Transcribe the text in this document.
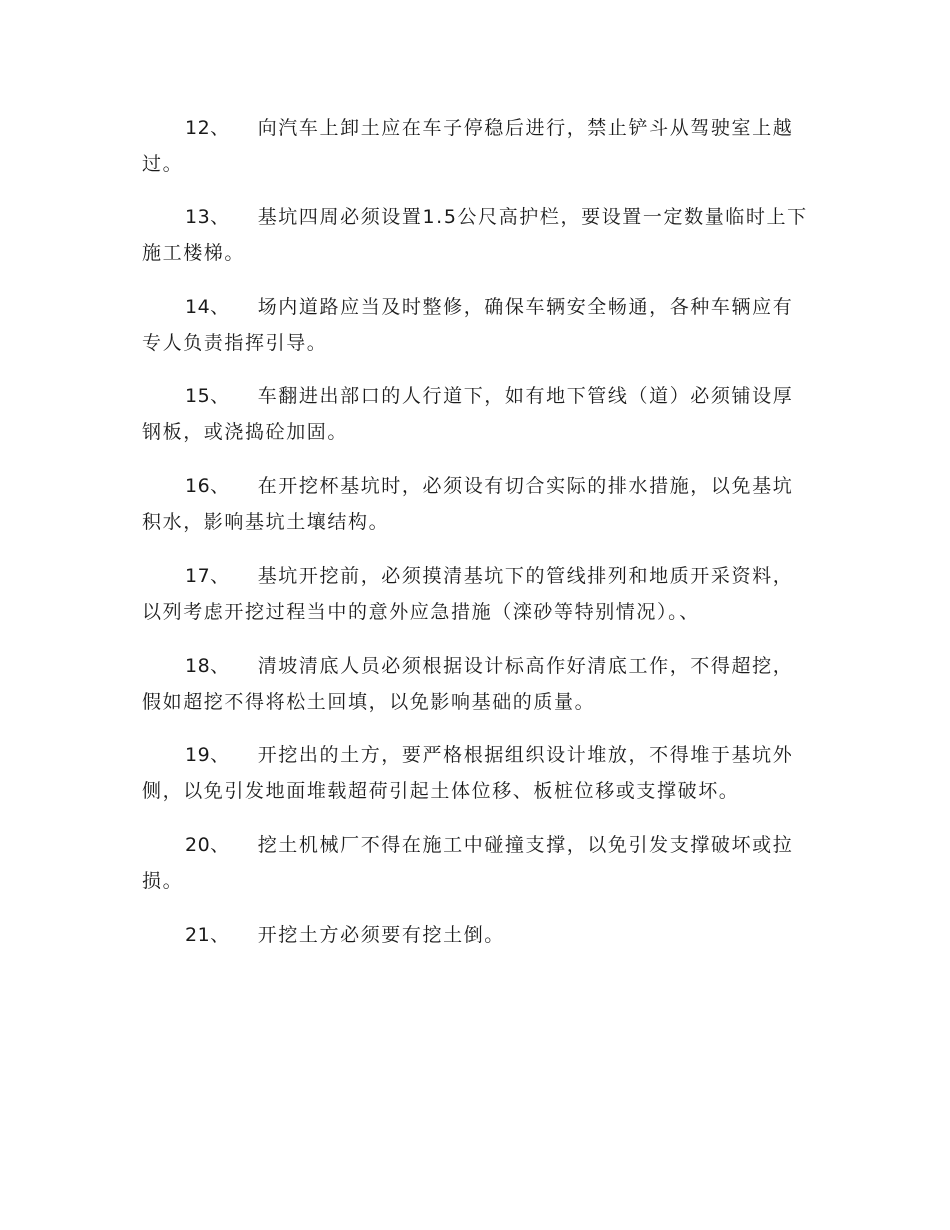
12、 向汽车上卸土应在车子停稳后进行，禁止铲斗从驾驶室上越过。

13、 基坑四周必须设置1.5公尺高护栏，要设置一定数量临时上下施工楼梯。

14、 场内道路应当及时整修，确保车辆安全畅通，各种车辆应有专人负责指挥引导。

15、 车翻进出部口的人行道下，如有地下管线（道）必须铺设厚钢板，或浇捣砼加固。

16、 在开挖杯基坑时，必须设有切合实际的排水措施，以免基坑积水，影响基坑土壤结构。

17、 基坑开挖前，必须摸清基坑下的管线排列和地质开采资料，以列考虑开挖过程当中的意外应急措施（滦砂等特别情况）。、

18、 清坡清底人员必须根据设计标高作好清底工作，不得超挖，假如超挖不得将松土回填，以免影响基础的质量。

19、 开挖出的土方，要严格根据组织设计堆放，不得堆于基坑外侧，以免引发地面堆载超荷引起土体位移、板桩位移或支撑破坏。

20、 挖土机械厂不得在施工中碰撞支撑，以免引发支撑破坏或拉损。

21、 开挖土方必须要有挖土倒。
